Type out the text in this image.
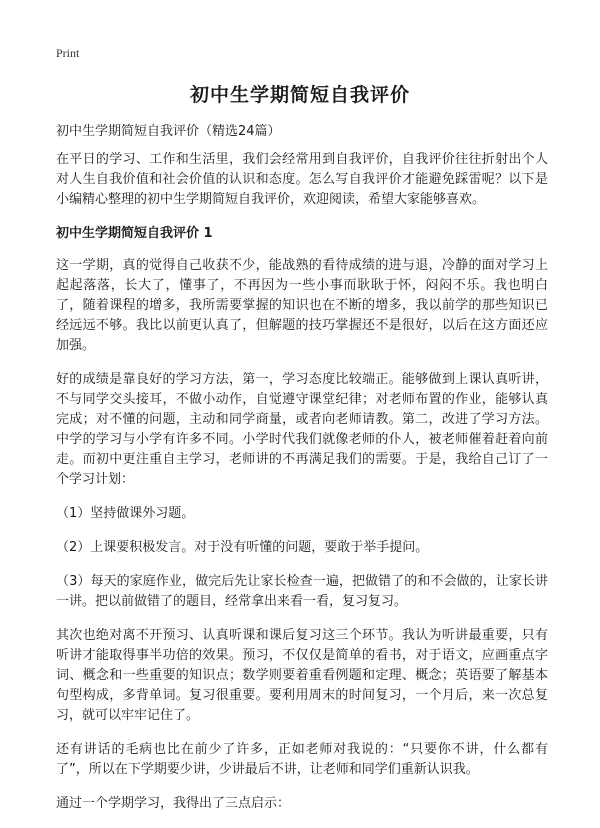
Print
初中生学期简短自我评价
初中生学期简短自我评价（精选24篇）

在平日的学习、工作和生活里，我们会经常用到自我评价，自我评价往往折射出个人对人生自我价值和社会价值的认识和态度。怎么写自我评价才能避免踩雷呢？以下是小编精心整理的初中生学期简短自我评价，欢迎阅读，希望大家能够喜欢。

初中生学期简短自我评价 1

这一学期，真的觉得自己收获不少，能战熟的看待成绩的进与退，冷静的面对学习上起起落落，长大了，懂事了，不再因为一些小事而耿耿于怀，闷闷不乐。我也明白了，随着课程的增多，我所需要掌握的知识也在不断的增多，我以前学的那些知识已经远远不够。我比以前更认真了，但解题的技巧掌握还不是很好，以后在这方面还应加强。

好的成绩是靠良好的学习方法，第一，学习态度比较端正。能够做到上课认真听讲，不与同学交头接耳，不做小动作，自觉遵守课堂纪律；对老师布置的作业，能够认真完成；对不懂的问题，主动和同学商量，或者向老师请教。第二，改进了学习方法。中学的学习与小学有许多不同。小学时代我们就像老师的仆人，被老师催着赶着向前走。而初中更注重自主学习，老师讲的不再满足我们的需要。于是，我给自己订了一个学习计划：

（1）坚持做课外习题。

（2）上课要积极发言。对于没有听懂的问题，要敢于举手提问。

（3）每天的家庭作业，做完后先让家长检查一遍，把做错了的和不会做的，让家长讲一讲。把以前做错了的题目，经常拿出来看一看，复习复习。

其次也绝对离不开预习、认真听课和课后复习这三个环节。我认为听讲最重要，只有听讲才能取得事半功倍的效果。预习，不仅仅是简单的看书，对于语文，应画重点字词、概念和一些重要的知识点；数学则要着重看例题和定理、概念；英语要了解基本句型构成，多背单词。复习很重要。要利用周末的时间复习，一个月后，来一次总复习，就可以牢牢记住了。

还有讲话的毛病也比在前少了许多，正如老师对我说的：“只要你不讲，什么都有了”，所以在下学期要少讲，少讲最后不讲，让老师和同学们重新认识我。

通过一个学期学习，我得出了三点启示：
